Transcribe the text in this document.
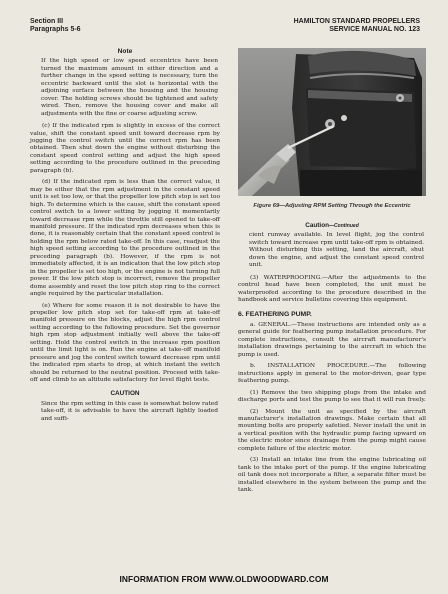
Section III
Paragraphs 5-6
HAMILTON STANDARD PROPELLERS
SERVICE MANUAL NO. 123
Note
If the high speed or low speed eccentrics have been turned the maximum amount in either direction and a further change in the speed setting is necessary, turn the eccentric backward until the slot is horizontal with the adjoining surface between the housing and the housing cover. The holding screws should be tightened and safety wired. Then, remove the housing cover and make all adjustments with the fine or coarse adjusting screw.
(c) If the indicated rpm is slightly in excess of the correct value, shift the constant speed unit toward decrease rpm by jogging the control switch until the correct rpm has been obtained. Then shut down the engine without disturbing the constant speed control setting and adjust the high speed setting according to the procedure outlined in the preceding paragraph (b).
(d) If the indicated rpm is less than the correct value, it may be either that the rpm adjustment in the constant speed unit is set too low, or that the propeller low pitch stop is set too high. To determine which is the cause, shift the constant speed control switch to a lower setting by jogging it momentarily toward decrease rpm while the throttle still opened to take-off manifold pressure. If the indicated rpm decreases when this is done, it is reasonably certain that the constant speed control is holding the rpm below rated take-off. In this case, readjust the high speed setting according to the procedure outlined in the preceding paragraph (b). However, if the rpm is not immediately affected, it is an indication that the low pitch stop in the propeller is set too high, or the engine is not turning full power. If the low pitch stop is incorrect, remove the propeller dome assembly and reset the low pitch stop ring to the correct angle required by the particular installation.
(e) Where for some reason it is not desirable to have the propeller low pitch stop set for take-off rpm at take-off manifold pressure on the blocks, adjust the high rpm control setting according to the following procedure. Set the governor high rpm stop adjustment initially well above the take-off setting. Hold the control switch in the increase rpm position until the limit light is on. Run the engine at take-off manifold pressure and jog the control switch toward decrease rpm until the indicated rpm starts to drop, at which instant the switch should be returned to the neutral position. Proceed with take-off and climb to an altitude satisfactory for level flight tests.
CAUTION
Since the rpm setting in this case is somewhat below rated take-off, it is advisable to have the aircraft lightly loaded and suffi-
Figure 69—Adjusting RPM Setting Through the Eccentric
Caution—Continued
cient runway available. In level flight, jog the control switch toward increase rpm until take-off rpm is obtained. Without disturbing this setting, land the aircraft, shut down the engine, and adjust the constant speed control unit.
(3) WATERPROOFING.—After the adjustments to the control head have been completed, the unit must be waterproofed according to the procedure described in the handbook and service bulletins covering this equipment.
6. FEATHERING PUMP.
a. GENERAL.—These instructions are intended only as a general guide for feathering pump installation procedure. For complete instructions, consult the aircraft manufacturer's installation drawings pertaining to the aircraft in which the pump is used.
b. INSTALLATION PROCEDURE.—The following instructions apply in general to the motor-driven, gear type feathering pump.
(1) Remove the two shipping plugs from the intake and discharge ports and test the pump to see that it will run freely.
(2) Mount the unit as specified by the aircraft manufacturer's installation drawings. Make certain that all mounting bolts are properly safetied. Never install the unit in a vertical position with the hydraulic pump facing upward on the electric motor since drainage from the pump might cause complete failure of the electric motor.
(3) Install an intake line from the engine lubricating oil tank to the intake port of the pump. If the engine lubricating oil tank does not incorporate a filter, a separate filter must be installed elsewhere in the system between the pump and the tank.
INFORMATION FROM WWW.OLDWOODWARD.COM
